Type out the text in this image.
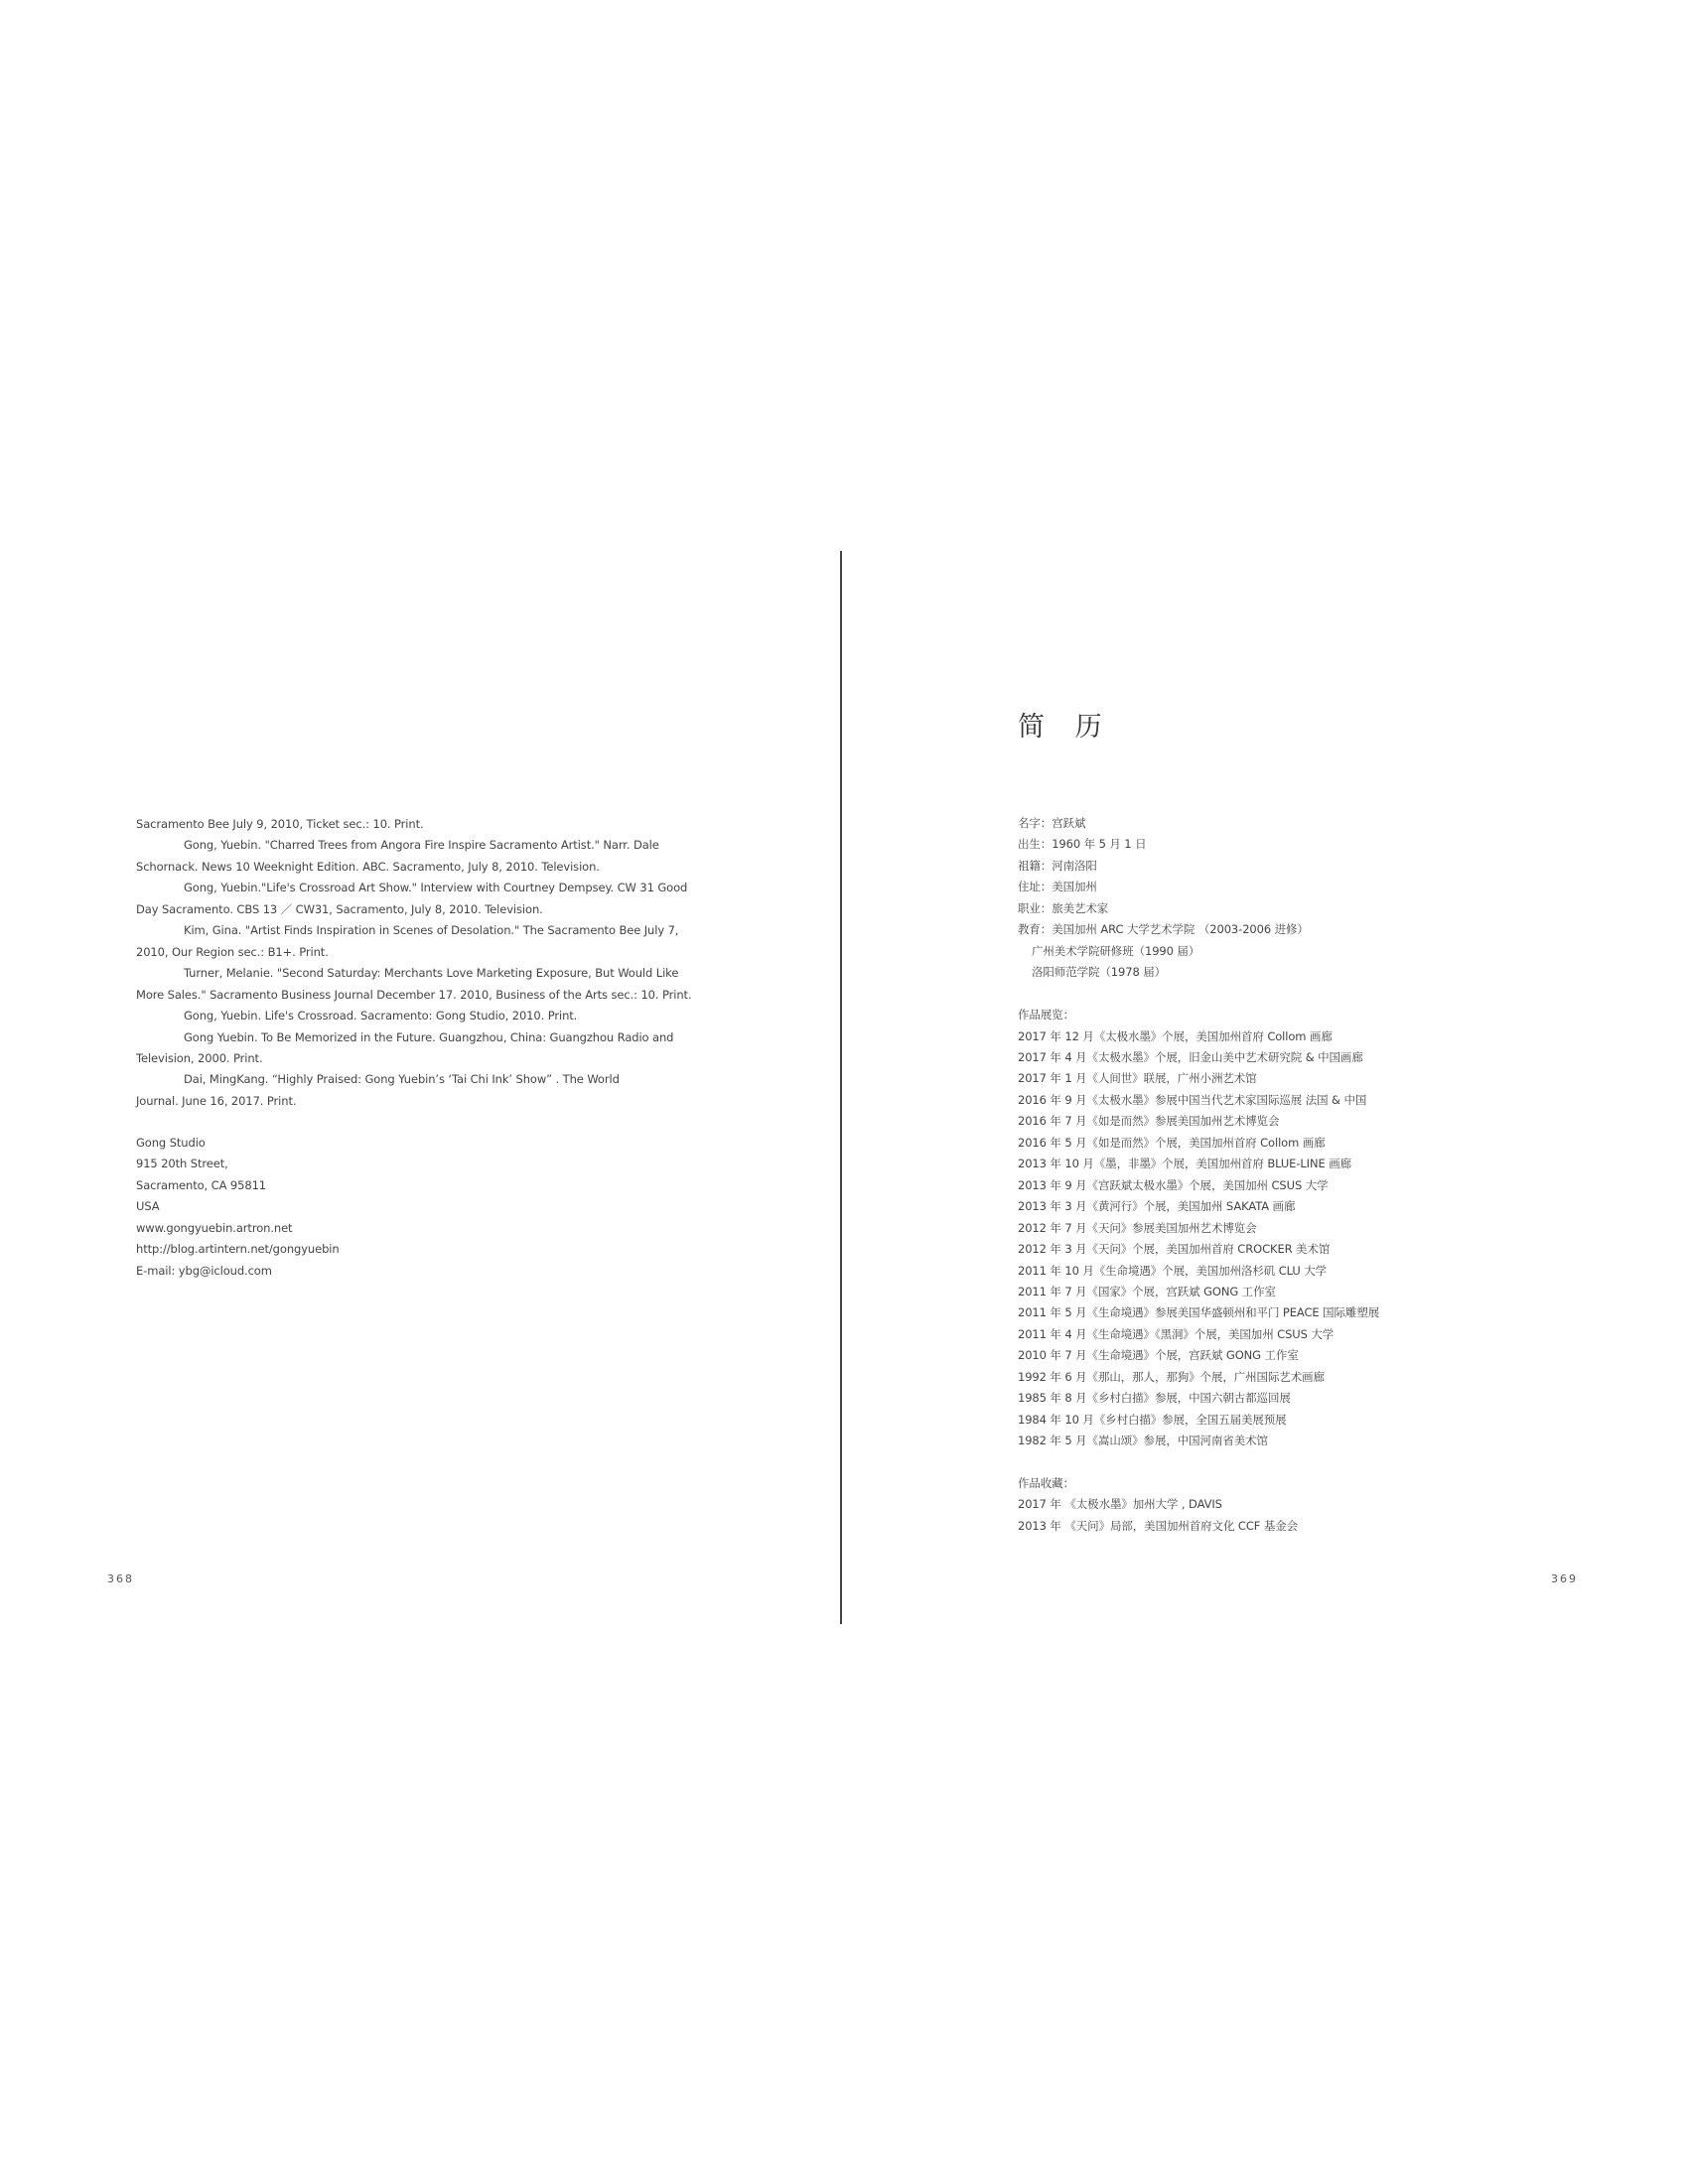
Sacramento Bee July 9, 2010, Ticket sec.: 10. Print.
Gong, Yuebin. "Charred Trees from Angora Fire Inspire Sacramento Artist." Narr. Dale
Schornack. News 10 Weeknight Edition. ABC. Sacramento, July 8, 2010. Television.
Gong, Yuebin."Life's Crossroad Art Show." Interview with Courtney Dempsey. CW 31 Good
Day Sacramento. CBS 13 ／ CW31, Sacramento, July 8, 2010. Television.
Kim, Gina. "Artist Finds Inspiration in Scenes of Desolation." The Sacramento Bee July 7,
2010, Our Region sec.: B1+. Print.
Turner, Melanie. "Second Saturday: Merchants Love Marketing Exposure, But Would Like
More Sales." Sacramento Business Journal December 17. 2010, Business of the Arts sec.: 10. Print.
Gong, Yuebin. Life's Crossroad. Sacramento: Gong Studio, 2010. Print.
Gong Yuebin. To Be Memorized in the Future. Guangzhou, China: Guangzhou Radio and
Television, 2000. Print.
Dai, MingKang. “Highly Praised: Gong Yuebin’s ‘Tai Chi Ink’ Show” . The World
Journal. June 16, 2017. Print.
Gong Studio
915 20th Street,
Sacramento, CA 95811
USA
www.gongyuebin.artron.net
http://blog.artintern.net/gongyuebin
E-mail: ybg@icloud.com
368
简 历
名字：宫跃斌
出生：1960 年 5 月 1 日
祖籍：河南洛阳
住址：美国加州
职业：旅美艺术家
教育：美国加州 ARC 大学艺术学院 （2003-2006 进修）
广州美术学院研修班（1990 届）
洛阳师范学院（1978 届）
作品展览：
2017 年 12 月《太极水墨》个展，美国加州首府 Collom 画廊
2017 年 4 月《太极水墨》个展，旧金山美中艺术研究院 & 中国画廊
2017 年 1 月《人间世》联展，广州小洲艺术馆
2016 年 9 月《太极水墨》参展中国当代艺术家国际巡展 法国 & 中国
2016 年 7 月《如是而然》参展美国加州艺术博览会
2016 年 5 月《如是而然》个展，美国加州首府 Collom 画廊
2013 年 10 月《墨，非墨》个展，美国加州首府 BLUE-LINE 画廊
2013 年 9 月《宫跃斌太极水墨》个展，美国加州 CSUS 大学
2013 年 3 月《黄河行》个展，美国加州 SAKATA 画廊
2012 年 7 月《天问》参展美国加州艺术博览会
2012 年 3 月《天问》个展，美国加州首府 CROCKER 美术馆
2011 年 10 月《生命境遇》个展，美国加州洛杉矶 CLU 大学
2011 年 7 月《国家》个展，宫跃斌 GONG 工作室
2011 年 5 月《生命境遇》参展美国华盛顿州和平门 PEACE 国际雕塑展
2011 年 4 月《生命境遇》《黑洞》个展，美国加州 CSUS 大学
2010 年 7 月《生命境遇》个展，宫跃斌 GONG 工作室
1992 年 6 月《那山，那人，那狗》个展，广州国际艺术画廊
1985 年 8 月《乡村白描》参展，中国六朝古都巡回展
1984 年 10 月《乡村白描》参展，全国五届美展预展
1982 年 5 月《嵩山颂》参展，中国河南省美术馆
作品收藏：
2017 年 《太极水墨》加州大学 , DAVIS
2013 年 《天问》局部，美国加州首府文化 CCF 基金会
369
